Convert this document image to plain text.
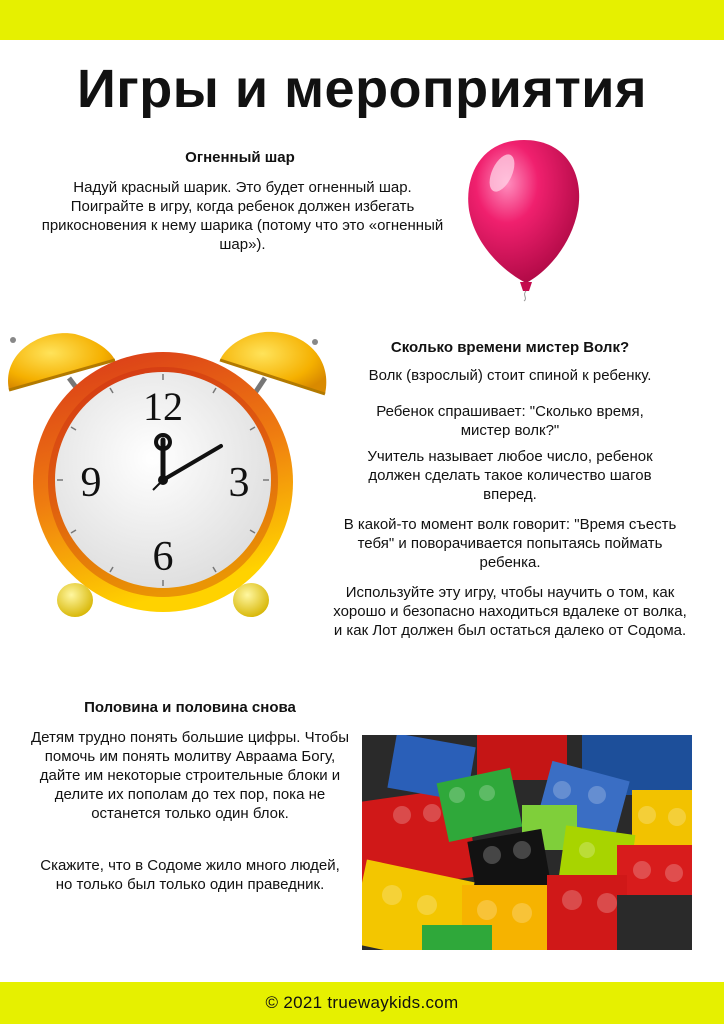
Игры и мероприятия

Огненный шар

Надуй красный шарик. Это будет огненный шар. Поиграйте в игру, когда ребенок должен избегать прикосновения к нему шарика (потому что это «огненный шар»).

12
3
6
9

Сколько времени мистер Волк?

Волк (взрослый) стоит спиной к ребенку.

Ребенок спрашивает: "Сколько время, мистер волк?"

Учитель называет любое число, ребенок должен сделать такое количество шагов вперед.

В какой-то момент волк говорит: "Время съесть тебя" и поворачивается попытаясь поймать ребенка.

Используйте эту игру, чтобы научить о том, как хорошо и безопасно находиться вдалеке от волка, и как Лот должен был остаться далеко от Содома.

Половина и половина снова

Детям трудно понять большие цифры. Чтобы помочь им понять молитву Авраама Богу, дайте им некоторые строительные блоки и делите их пополам до тех пор, пока не останется только один блок.

Скажите, что в Содоме жило много людей, но только был только один праведник.

© 2021 truewaykids.com
